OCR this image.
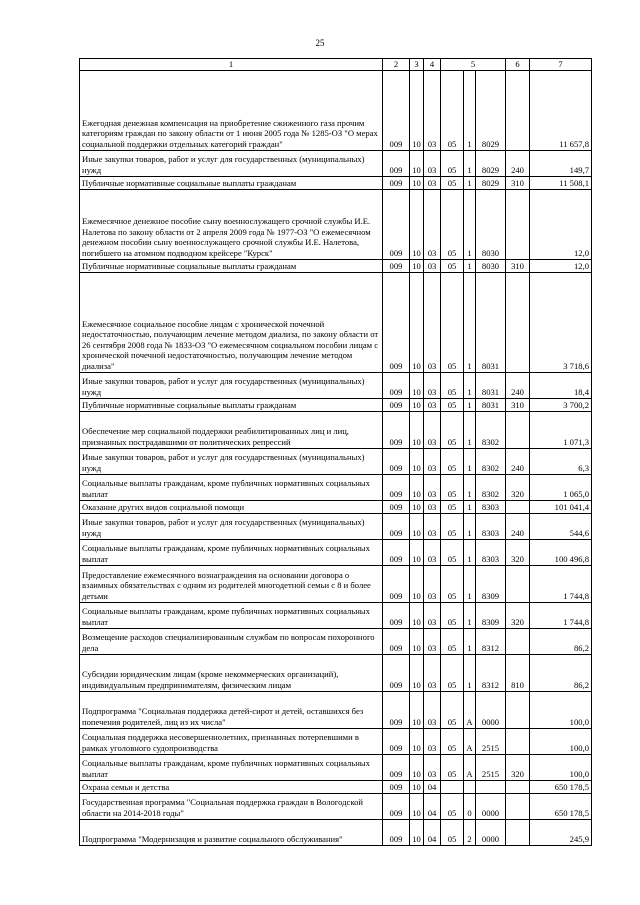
25
1	2	3	4	5			6	7
Ежегодная денежная компенсация на приобретение сжиженного газа прочим категориям граждан по закону области от 1 июня 2005 года № 1285-ОЗ "О мерах социальной поддержки отдельных категорий граждан"	009	10	03	05	1	8029		11 657,8
Иные закупки товаров, работ и услуг для государственных (муниципальных) нужд	009	10	03	05	1	8029	240	149,7
Публичные нормативные социальные выплаты гражданам	009	10	03	05	1	8029	310	11 508,1
Ежемесячное денежное пособие сыну военнослужащего срочной службы И.Е. Налетова по закону области от 2 апреля 2009 года № 1977-ОЗ "О ежемесячном денежном пособии сыну военнослужащего срочной службы И.Е. Налетова, погибшего на атомном подводном крейсере "Курск"	009	10	03	05	1	8030		12,0
Публичные нормативные социальные выплаты гражданам	009	10	03	05	1	8030	310	12,0
Ежемесячное социальное пособие лицам с хронической почечной недостаточностью, получающим лечение методом диализа, по закону области от 26 сентября 2008 года № 1833-ОЗ "О ежемесячном социальном пособии лицам с хронической почечной недостаточностью, получающим лечение методом диализа"	009	10	03	05	1	8031		3 718,6
Иные закупки товаров, работ и услуг для государственных (муниципальных) нужд	009	10	03	05	1	8031	240	18,4
Публичные нормативные социальные выплаты гражданам	009	10	03	05	1	8031	310	3 700,2
Обеспечение мер социальной поддержки реабилитированных лиц и лиц, признанных пострадавшими от политических репрессий	009	10	03	05	1	8302		1 071,3
Иные закупки товаров, работ и услуг для государственных (муниципальных) нужд	009	10	03	05	1	8302	240	6,3
Социальные выплаты гражданам, кроме публичных нормативных социальных выплат	009	10	03	05	1	8302	320	1 065,0
Оказание других видов социальной помощи	009	10	03	05	1	8303		101 041,4
Иные закупки товаров, работ и услуг для государственных (муниципальных) нужд	009	10	03	05	1	8303	240	544,6
Социальные выплаты гражданам, кроме публичных нормативных социальных выплат	009	10	03	05	1	8303	320	100 496,8
Предоставление ежемесячного вознаграждения на основании договора о взаимных обязательствах с одним из родителей многодетной семьи с 8 и более детьми	009	10	03	05	1	8309		1 744,8
Социальные выплаты гражданам, кроме публичных нормативных социальных выплат	009	10	03	05	1	8309	320	1 744,8
Возмещение расходов специализированным службам по вопросам похоронного дела	009	10	03	05	1	8312		86,2
Субсидии юридическим лицам (кроме некоммерческих организаций), индивидуальным предпринимателям, физическим лицам	009	10	03	05	1	8312	810	86,2
Подпрограмма "Социальная поддержка детей-сирот и детей, оставшихся без попечения родителей, лиц из их числа"	009	10	03	05	А	0000		100,0
Социальная поддержка несовершеннолетних, признанных потерпевшими в рамках уголовного судопроизводства	009	10	03	05	А	2515		100,0
Социальные выплаты гражданам, кроме публичных нормативных социальных выплат	009	10	03	05	А	2515	320	100,0
Охрана семьи и детства	009	10	04					650 178,5
Государственная программа "Социальная поддержка граждан в Вологодской области на 2014-2018 годы"	009	10	04	05	0	0000		650 178,5
Подпрограмма "Модернизация и развитие социального обслуживания"	009	10	04	05	2	0000		245,9
